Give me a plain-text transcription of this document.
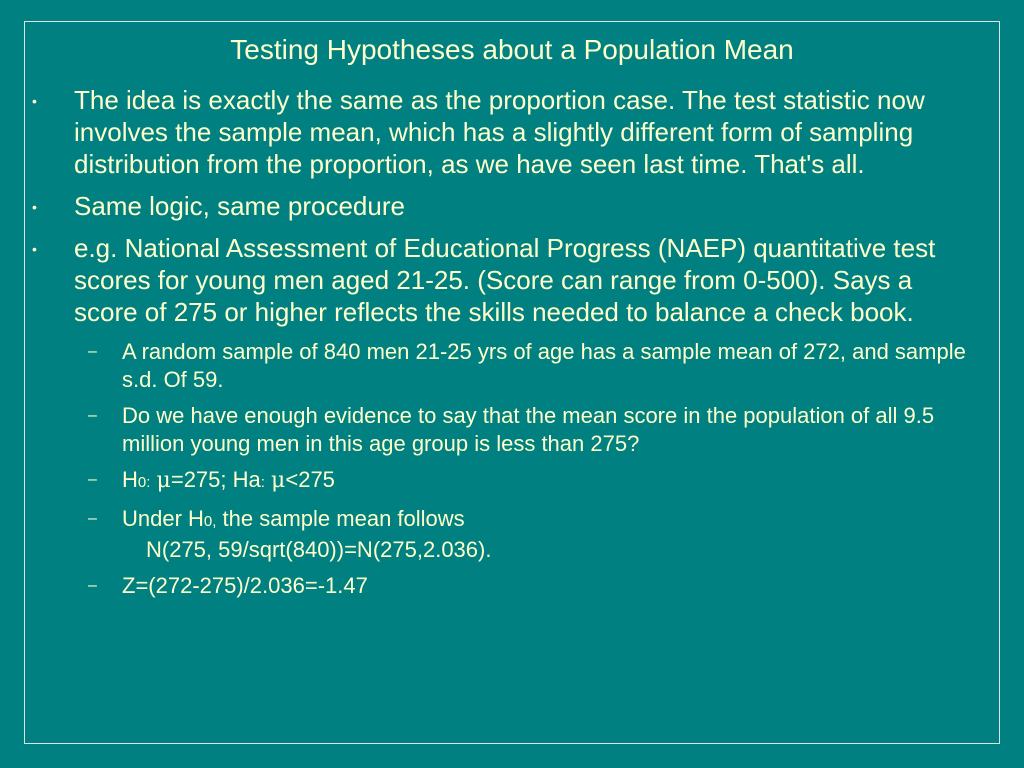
Testing Hypotheses about a Population Mean
• The idea is exactly the same as the proportion case. The test statistic now involves the sample mean, which has a slightly different form of sampling distribution from the proportion, as we have seen last time. That's all.
• Same logic, same procedure
• e.g. National Assessment of Educational Progress (NAEP) quantitative test scores for young men aged 21-25. (Score can range from 0-500). Says a score of 275 or higher reflects the skills needed to balance a check book.
– A random sample of 840 men 21-25 yrs of age has a sample mean of 272, and sample s.d. Of 59.
– Do we have enough evidence to say that the mean score in the population of all 9.5 million young men in this age group is less than 275?
– H0: μ=275; Ha: μ<275
– Under H0, the sample mean follows
N(275, 59/sqrt(840))=N(275,2.036).
– Z=(272-275)/2.036=-1.47
